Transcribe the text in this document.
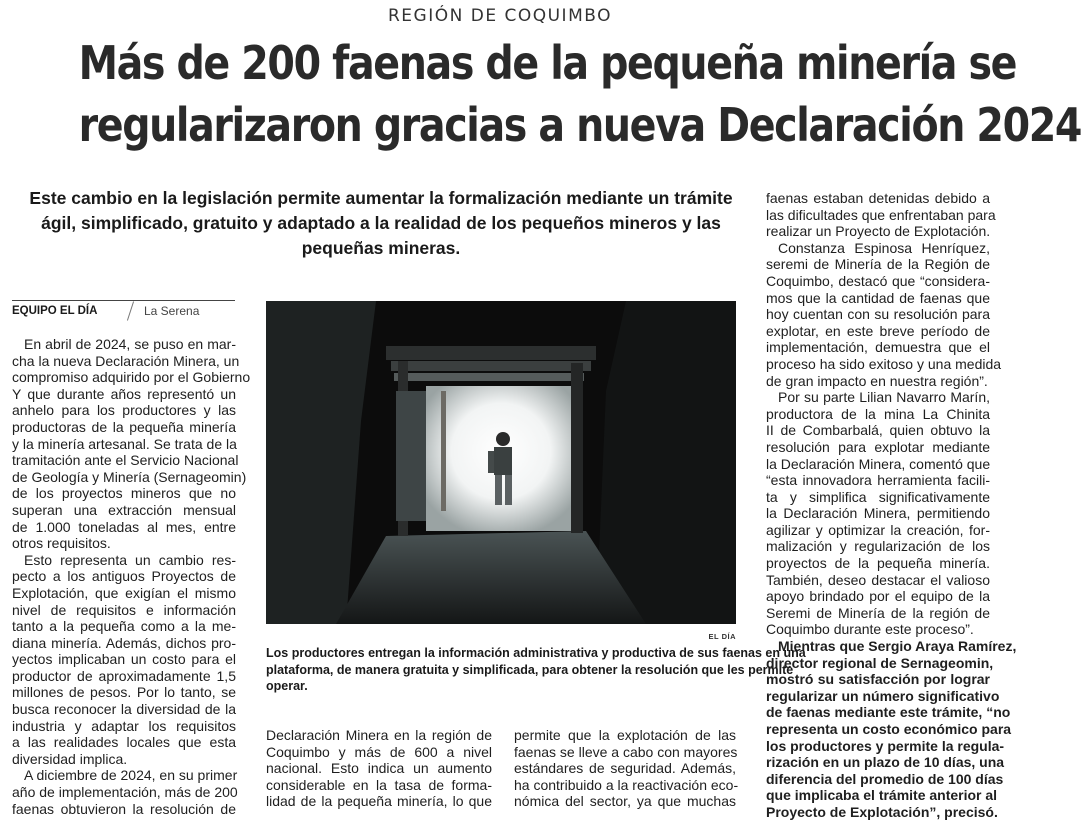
REGIÓN DE COQUIMBO
Más de 200 faenas de la pequeña minería se
regularizaron gracias a nueva Declaración 2024
Este cambio en la legislación permite aumentar la formalización mediante un trámite
ágil, simplificado, gratuito y adaptado a la realidad de los pequeños mineros y las
pequeñas mineras.
EQUIPO EL DÍA	La Serena
En abril de 2024, se puso en mar-
cha la nueva Declaración Minera, un
compromiso adquirido por el Gobierno
Y que durante años representó un
anhelo para los productores y las
productoras de la pequeña minería
y la minería artesanal. Se trata de la
tramitación ante el Servicio Nacional
de Geología y Minería (Sernageomin)
de los proyectos mineros que no
superan una extracción mensual
de 1.000 toneladas al mes, entre
otros requisitos.
Esto representa un cambio res-
pecto a los antiguos Proyectos de
Explotación, que exigían el mismo
nivel de requisitos e información
tanto a la pequeña como a la me-
diana minería. Además, dichos pro-
yectos implicaban un costo para el
productor de aproximadamente 1,5
millones de pesos. Por lo tanto, se
busca reconocer la diversidad de la
industria y adaptar los requisitos
a las realidades locales que esta
diversidad implica.
A diciembre de 2024, en su primer
año de implementación, más de 200
faenas obtuvieron la resolución de
EL DÍA
Los productores entregan la información administrativa y productiva de sus faenas en una
plataforma, de manera gratuita y simplificada, para obtener la resolución que les permite
operar.
Declaración Minera en la región de
Coquimbo y más de 600 a nivel
nacional. Esto indica un aumento
considerable en la tasa de forma-
lidad de la pequeña minería, lo que
permite que la explotación de las
faenas se lleve a cabo con mayores
estándares de seguridad. Además,
ha contribuido a la reactivación eco-
nómica del sector, ya que muchas
faenas estaban detenidas debido a
las dificultades que enfrentaban para
realizar un Proyecto de Explotación.
Constanza Espinosa Henríquez,
seremi de Minería de la Región de
Coquimbo, destacó que “considera-
mos que la cantidad de faenas que
hoy cuentan con su resolución para
explotar, en este breve período de
implementación, demuestra que el
proceso ha sido exitoso y una medida
de gran impacto en nuestra región”.
Por su parte Lilian Navarro Marín,
productora de la mina La Chinita
II de Combarbalá, quien obtuvo la
resolución para explotar mediante
la Declaración Minera, comentó que
“esta innovadora herramienta facili-
ta y simplifica significativamente
la Declaración Minera, permitiendo
agilizar y optimizar la creación, for-
malización y regularización de los
proyectos de la pequeña minería.
También, deseo destacar el valioso
apoyo brindado por el equipo de la
Seremi de Minería de la región de
Coquimbo durante este proceso”.
Mientras que Sergio Araya Ramírez,
director regional de Sernageomin,
mostró su satisfacción por lograr
regularizar un número significativo
de faenas mediante este trámite, “no
representa un costo económico para
los productores y permite la regula-
rización en un plazo de 10 días, una
diferencia del promedio de 100 días
que implicaba el trámite anterior al
Proyecto de Explotación”, precisó.
